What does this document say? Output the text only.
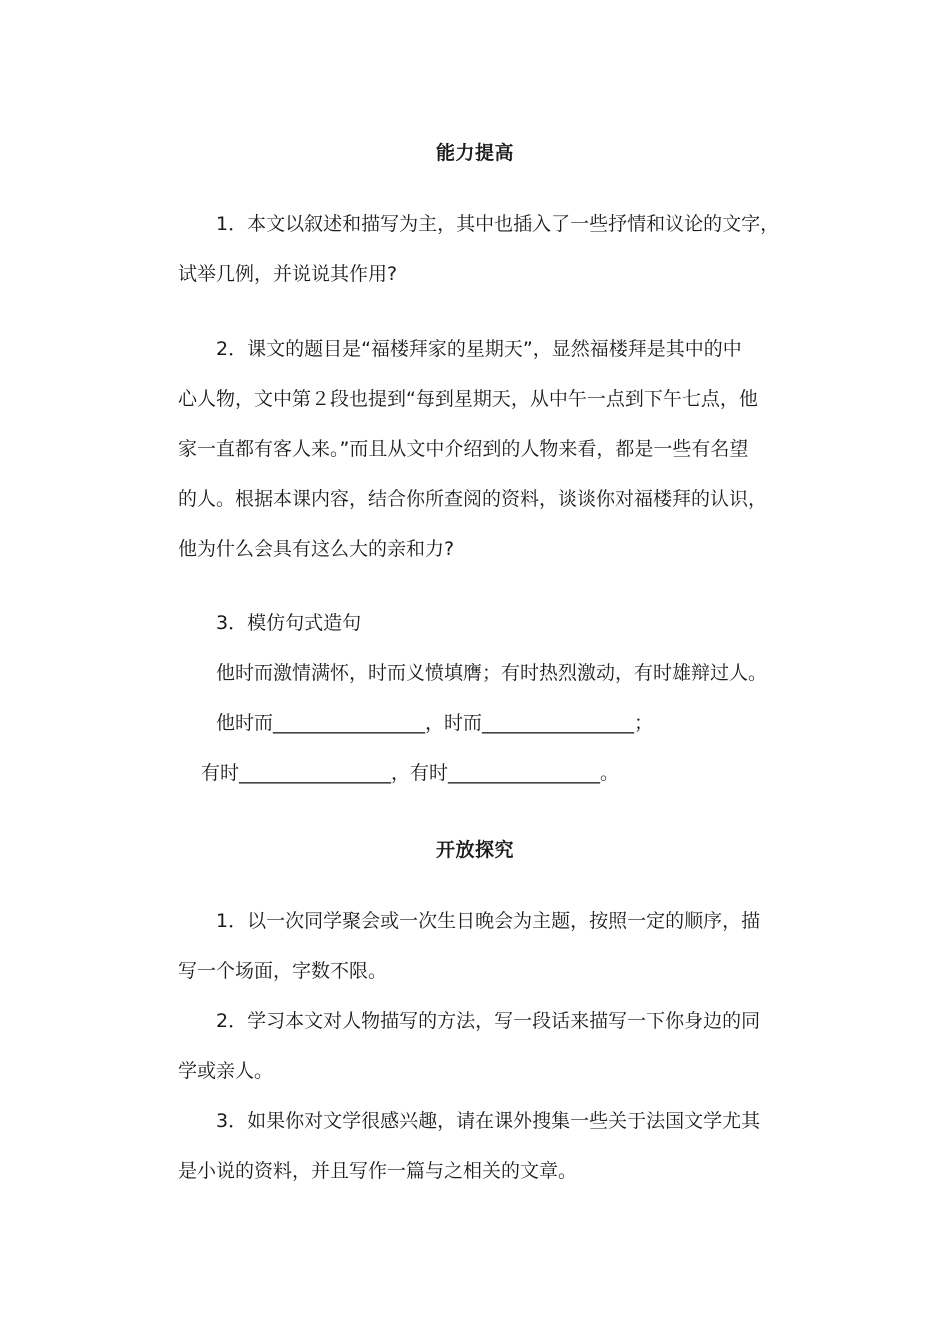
能力提高
1．本文以叙述和描写为主，其中也插入了一些抒情和议论的文字，
试举几例，并说说其作用?
2．课文的题目是“福楼拜家的星期天”，显然福楼拜是其中的中
心人物，文中第２段也提到“每到星期天，从中午一点到下午七点，他
家一直都有客人来。”而且从文中介绍到的人物来看，都是一些有名望
的人。根据本课内容，结合你所查阅的资料，谈谈你对福楼拜的认识，
他为什么会具有这么大的亲和力?
3．模仿句式造句
他时而激情满怀，时而义愤填膺；有时热烈激动，有时雄辩过人。
他时而________________，时而________________；
有时________________，有时________________。
开放探究
1．以一次同学聚会或一次生日晚会为主题，按照一定的顺序，描
写一个场面，字数不限。
2．学习本文对人物描写的方法，写一段话来描写一下你身边的同
学或亲人。
3．如果你对文学很感兴趣，请在课外搜集一些关于法国文学尤其
是小说的资料，并且写作一篇与之相关的文章。
